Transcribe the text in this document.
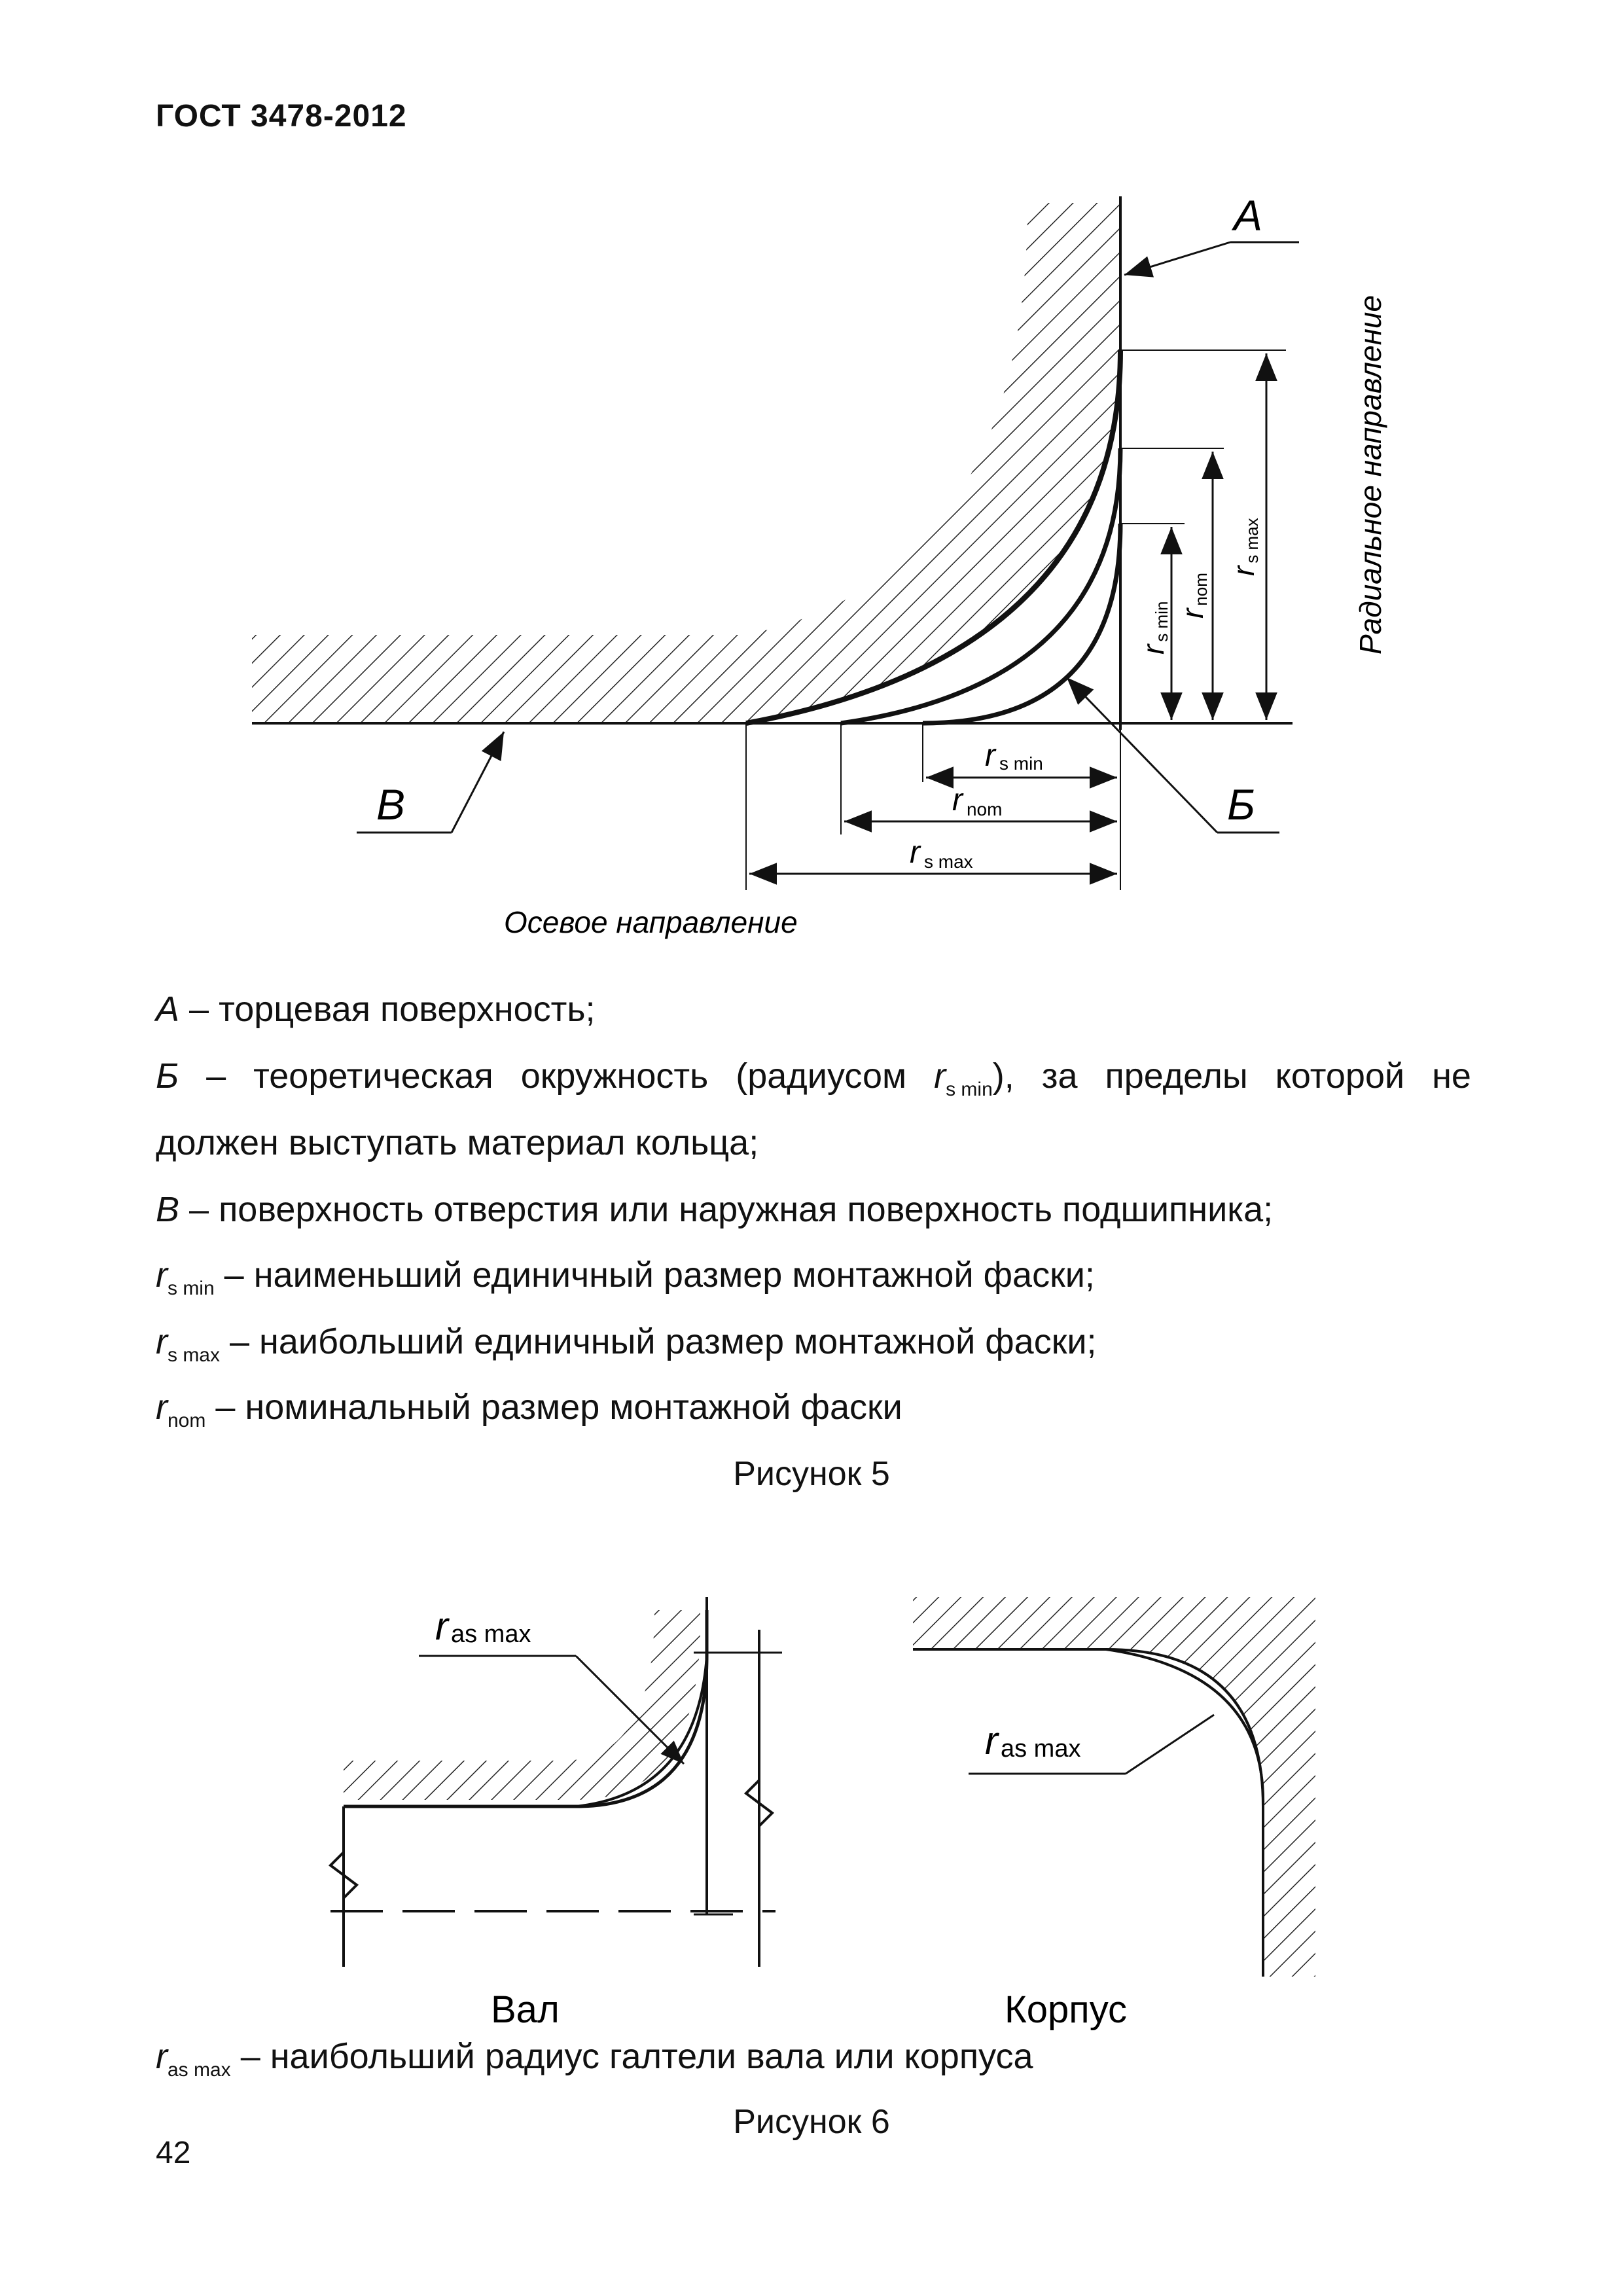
ГОСТ 3478-2012
А
В	Б
rs min
rnom
rs max
rs min rnom
rs max	Радиальное направление
Осевое направление
А – торцевая поверхность;
Б – теоретическая окружность (радиусом $r_{s min}$), за пределы которой не
должен выступать материал кольца;
В – поверхность отверстия или наружная поверхность подшипника;
$r_{s min}$ – наименьший единичный размер монтажной фаски;
$r_{s max}$ – наибольший единичный размер монтажной фаски;
$r_{nom}$ – номинальный размер монтажной фаски
Рисунок 5
ras max
ras max
Вал	Корпус
$r_{as max}$ – наибольший радиус галтели вала или корпуса
Рисунок 6
42
